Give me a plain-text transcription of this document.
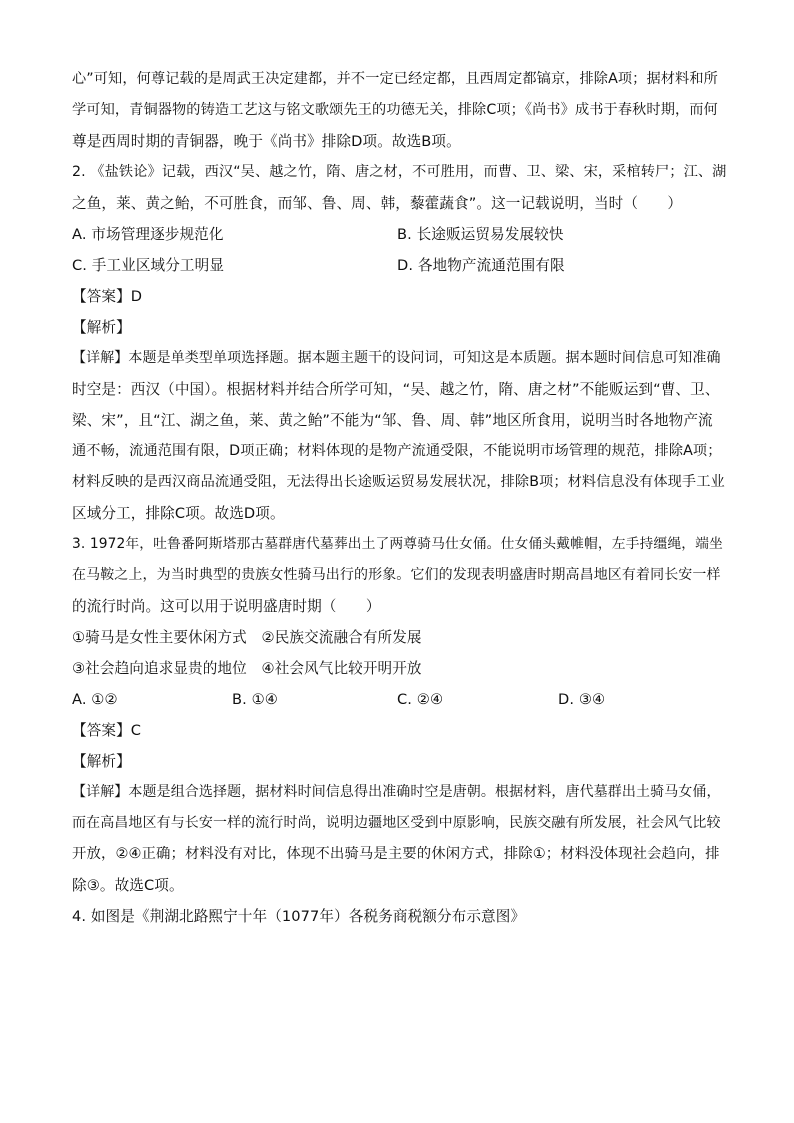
心”可知，何尊记载的是周武王决定建都，并不一定已经定都，且西周定都镐京，排除A项；据材料和所
学可知，青铜器物的铸造工艺这与铭文歌颂先王的功德无关，排除C项；《尚书》成书于春秋时期，而何
尊是西周时期的青铜器，晚于《尚书》排除D项。故选B项。
2. 《盐铁论》记载，西汉“吴、越之竹，隋、唐之材，不可胜用，而曹、卫、梁、宋，采棺转尸；江、湖
之鱼，莱、黄之鲐，不可胜食，而邹、鲁、周、韩，藜藿蔬食”。这一记载说明，当时（　　）
A. 市场管理逐步规范化	B. 长途贩运贸易发展较快
C. 手工业区域分工明显	D. 各地物产流通范围有限
【答案】D
【解析】
【详解】本题是单类型单项选择题。据本题主题干的设问词，可知这是本质题。据本题时间信息可知准确
时空是：西汉（中国）。根据材料并结合所学可知，“吴、越之竹，隋、唐之材”不能贩运到“曹、卫、
梁、宋”，且“江、湖之鱼，莱、黄之鲐”不能为“邹、鲁、周、韩”地区所食用，说明当时各地物产流
通不畅，流通范围有限，D项正确；材料体现的是物产流通受限，不能说明市场管理的规范，排除A项；
材料反映的是西汉商品流通受阻，无法得出长途贩运贸易发展状况，排除B项；材料信息没有体现手工业
区域分工，排除C项。故选D项。
3. 1972年，吐鲁番阿斯塔那古墓群唐代墓葬出土了两尊骑马仕女俑。仕女俑头戴帷帽，左手持缰绳，端坐
在马鞍之上，为当时典型的贵族女性骑马出行的形象。它们的发现表明盛唐时期高昌地区有着同长安一样
的流行时尚。这可以用于说明盛唐时期（　　）
①骑马是女性主要休闲方式　②民族交流融合有所发展
③社会趋向追求显贵的地位　④社会风气比较开明开放
A. ①②	B. ①④	C. ②④	D. ③④
【答案】C
【解析】
【详解】本题是组合选择题，据材料时间信息得出准确时空是唐朝。根据材料，唐代墓群出土骑马女俑，
而在高昌地区有与长安一样的流行时尚，说明边疆地区受到中原影响，民族交融有所发展，社会风气比较
开放，②④正确；材料没有对比，体现不出骑马是主要的休闲方式，排除①；材料没体现社会趋向，排
除③。故选C项。
4. 如图是《荆湖北路熙宁十年（1077年）各税务商税额分布示意图》
